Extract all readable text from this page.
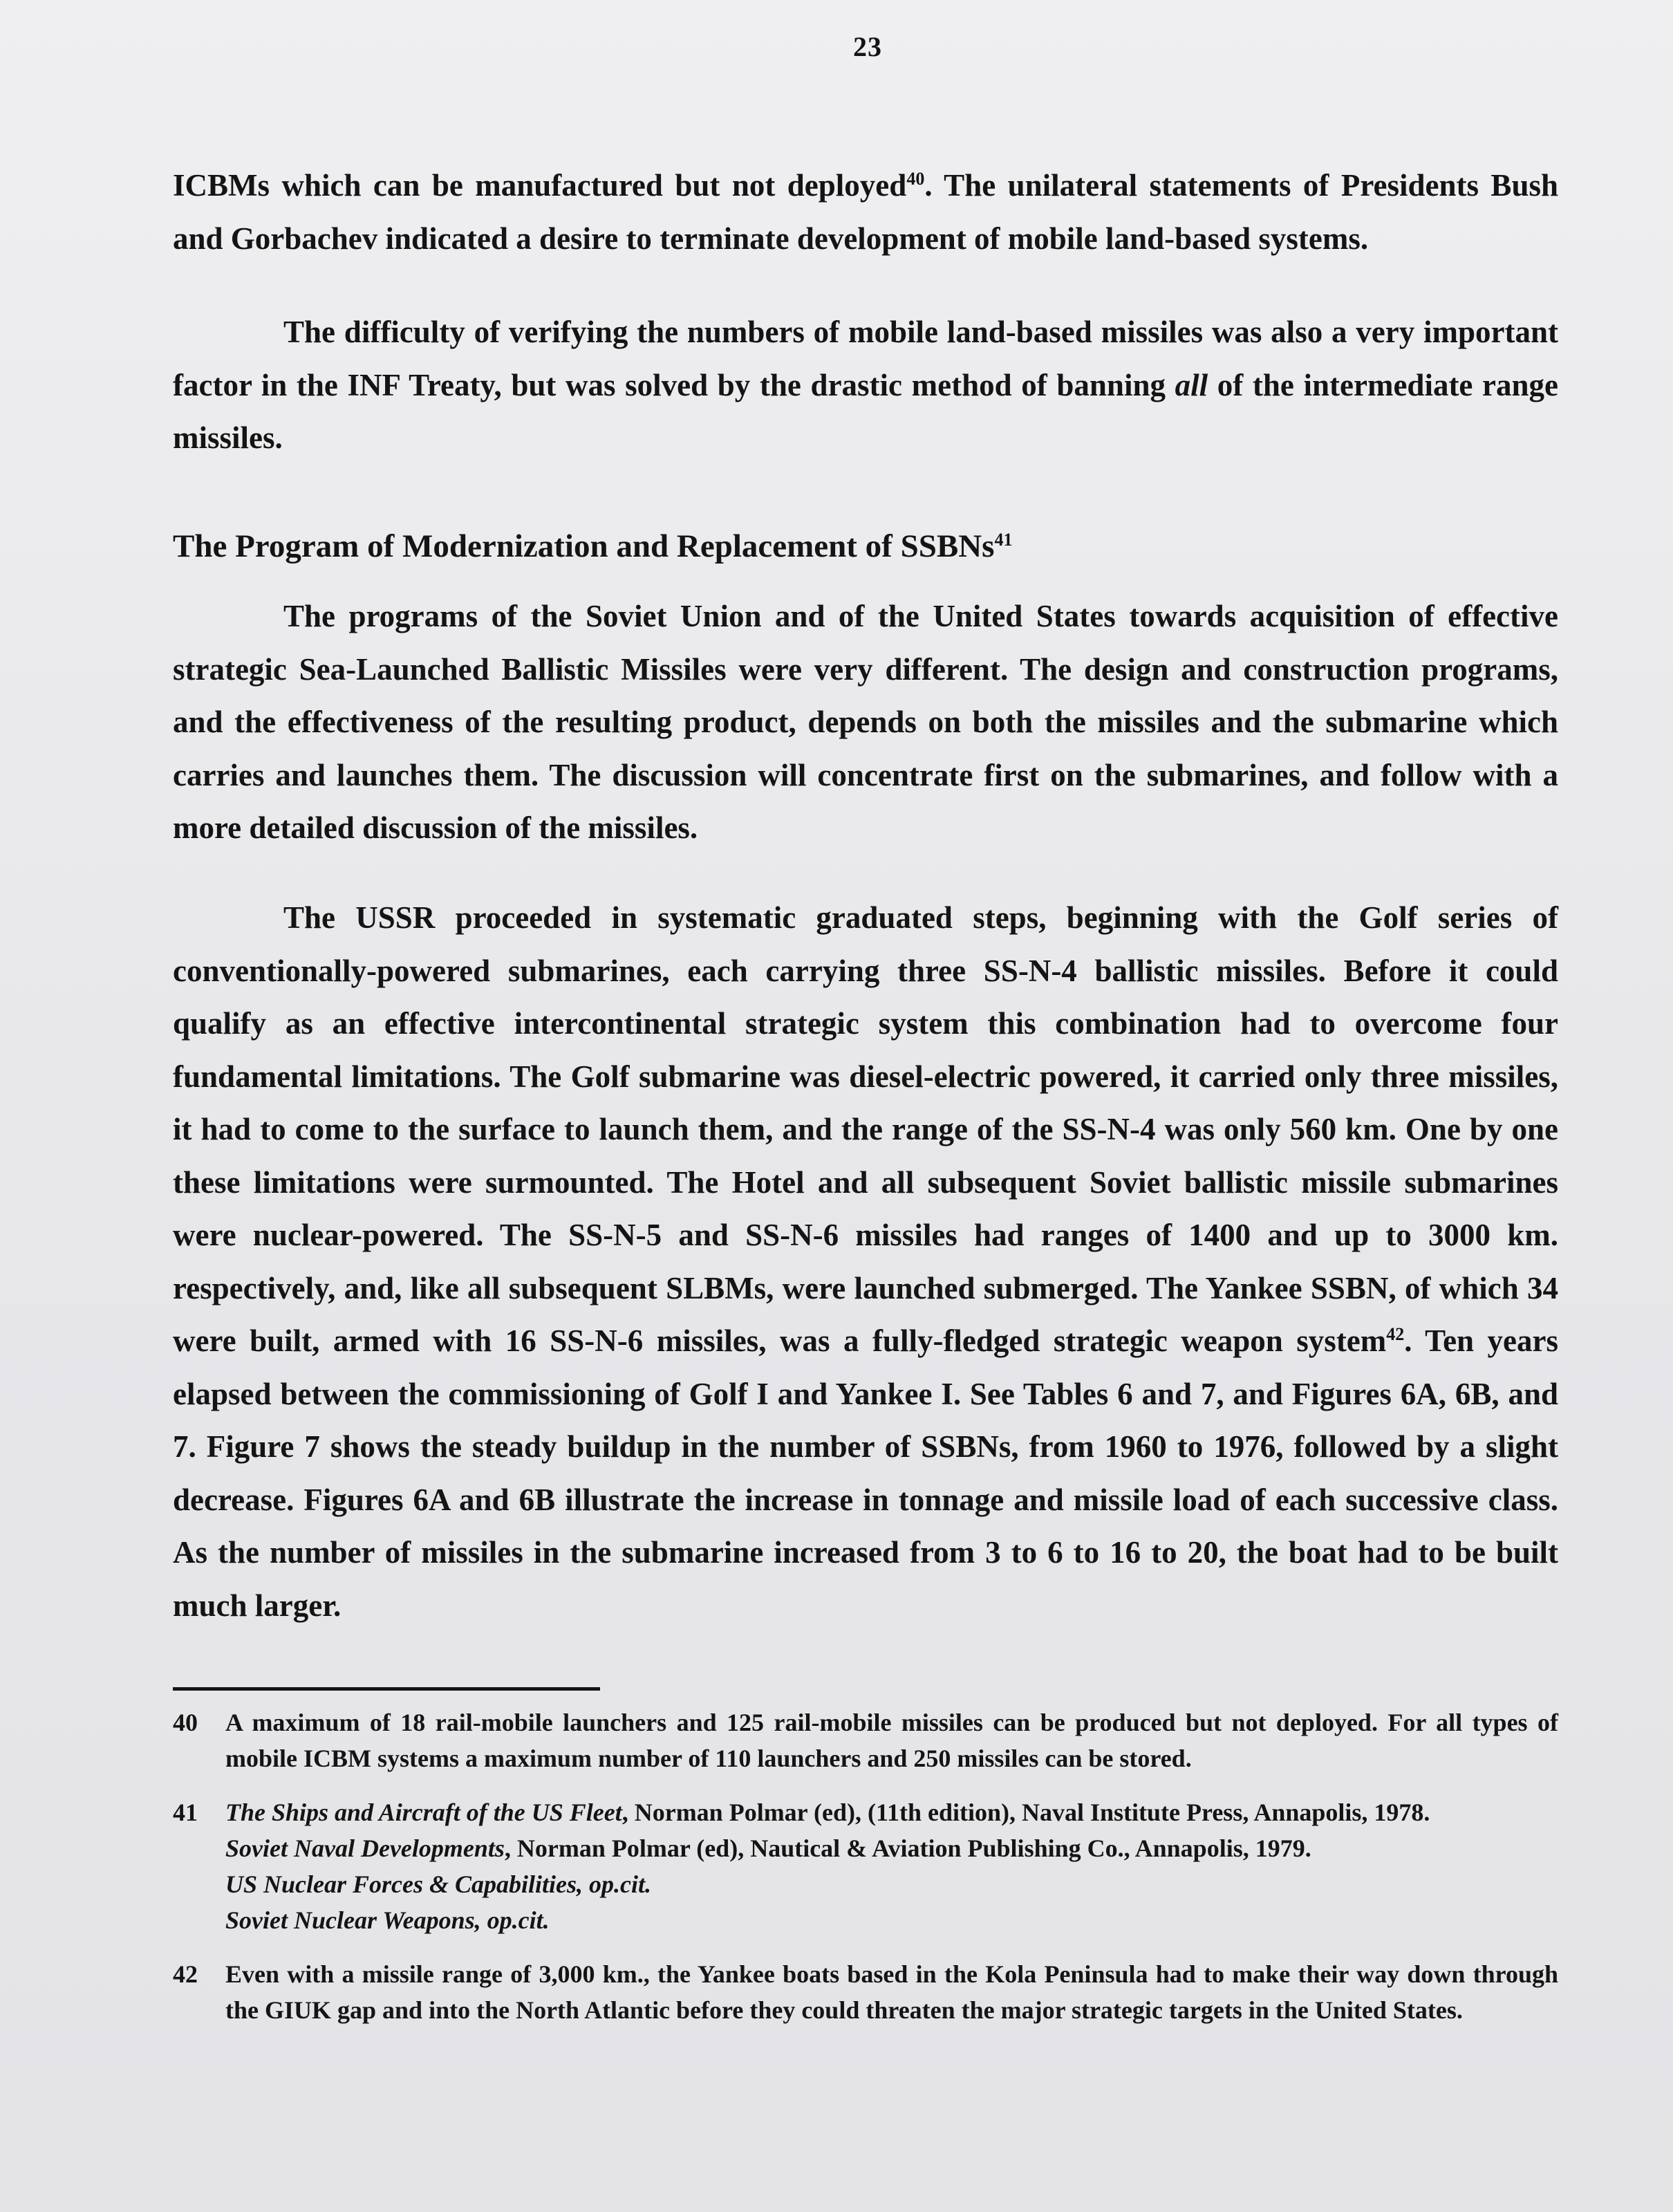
23

ICBMs which can be manufactured but not deployed$^{40}$. The unilateral statements of Presidents Bush and Gorbachev indicated a desire to terminate development of mobile land-based systems.

The difficulty of verifying the numbers of mobile land-based missiles was also a very important factor in the INF Treaty, but was solved by the drastic method of banning all of the intermediate range missiles.

The Program of Modernization and Replacement of SSBNs$^{41}$

The programs of the Soviet Union and of the United States towards acquisition of effective strategic Sea-Launched Ballistic Missiles were very different. The design and construction programs, and the effectiveness of the resulting product, depends on both the missiles and the submarine which carries and launches them. The discussion will concentrate first on the submarines, and follow with a more detailed discussion of the missiles.

The USSR proceeded in systematic graduated steps, beginning with the Golf series of conventionally-powered submarines, each carrying three SS-N-4 ballistic missiles. Before it could qualify as an effective intercontinental strategic system this combination had to overcome four fundamental limitations. The Golf submarine was diesel-electric powered, it carried only three missiles, it had to come to the surface to launch them, and the range of the SS-N-4 was only 560 km. One by one these limitations were surmounted. The Hotel and all subsequent Soviet ballistic missile submarines were nuclear-powered. The SS-N-5 and SS-N-6 missiles had ranges of 1400 and up to 3000 km. respectively, and, like all subsequent SLBMs, were launched submerged. The Yankee SSBN, of which 34 were built, armed with 16 SS-N-6 missiles, was a fully-fledged strategic weapon system$^{42}$. Ten years elapsed between the commissioning of Golf I and Yankee I. See Tables 6 and 7, and Figures 6A, 6B, and 7. Figure 7 shows the steady buildup in the number of SSBNs, from 1960 to 1976, followed by a slight decrease. Figures 6A and 6B illustrate the increase in tonnage and missile load of each successive class. As the number of missiles in the submarine increased from 3 to 6 to 16 to 20, the boat had to be built much larger.

40 A maximum of 18 rail-mobile launchers and 125 rail-mobile missiles can be produced but not deployed. For all types of mobile ICBM systems a maximum number of 110 launchers and 250 missiles can be stored.
41 The Ships and Aircraft of the US Fleet, Norman Polmar (ed), (11th edition), Naval Institute Press, Annapolis, 1978.
Soviet Naval Developments, Norman Polmar (ed), Nautical & Aviation Publishing Co., Annapolis, 1979.
US Nuclear Forces & Capabilities, op.cit.
Soviet Nuclear Weapons, op.cit.
42 Even with a missile range of 3,000 km., the Yankee boats based in the Kola Peninsula had to make their way down through the GIUK gap and into the North Atlantic before they could threaten the major strategic targets in the United States.
